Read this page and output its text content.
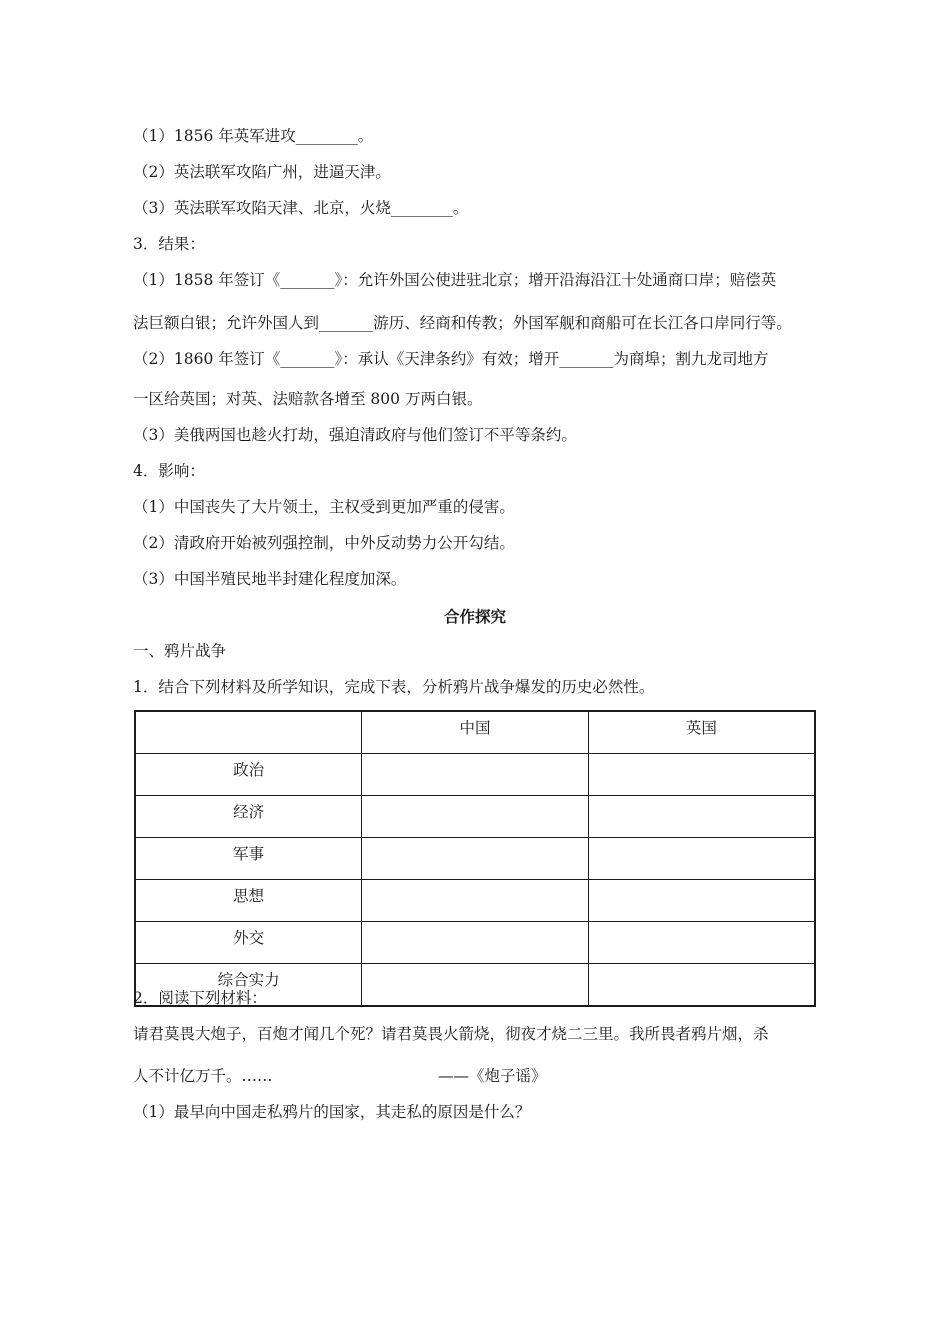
（1）1856 年英军进攻________。
（2）英法联军攻陷广州，进逼天津。
（3）英法联军攻陷天津、北京，火烧________。
3．结果：
（1）1858 年签订《_______》：允许外国公使进驻北京；增开沿海沿江十处通商口岸；赔偿英
法巨额白银；允许外国人到_______游历、经商和传教；外国军舰和商船可在长江各口岸同行等。
（2）1860 年签订《_______》：承认《天津条约》有效；增开_______为商埠；割九龙司地方
一区给英国；对英、法赔款各增至 800 万两白银。
（3）美俄两国也趁火打劫，强迫清政府与他们签订不平等条约。
4．影响：
（1）中国丧失了大片领土，主权受到更加严重的侵害。
（2）清政府开始被列强控制，中外反动势力公开勾结。
（3）中国半殖民地半封建化程度加深。
合作探究
一、鸦片战争
1．结合下列材料及所学知识，完成下表，分析鸦片战争爆发的历史必然性。
	中国	英国
政治		
经济		
军事		
思想		
外交		
综合实力		
2．阅读下列材料：
请君莫畏大炮子，百炮才闻几个死？请君莫畏火箭烧，彻夜才烧二三里。我所畏者鸦片烟，杀
人不计亿万千。……	——《炮子谣》
（1）最早向中国走私鸦片的国家，其走私的原因是什么？
